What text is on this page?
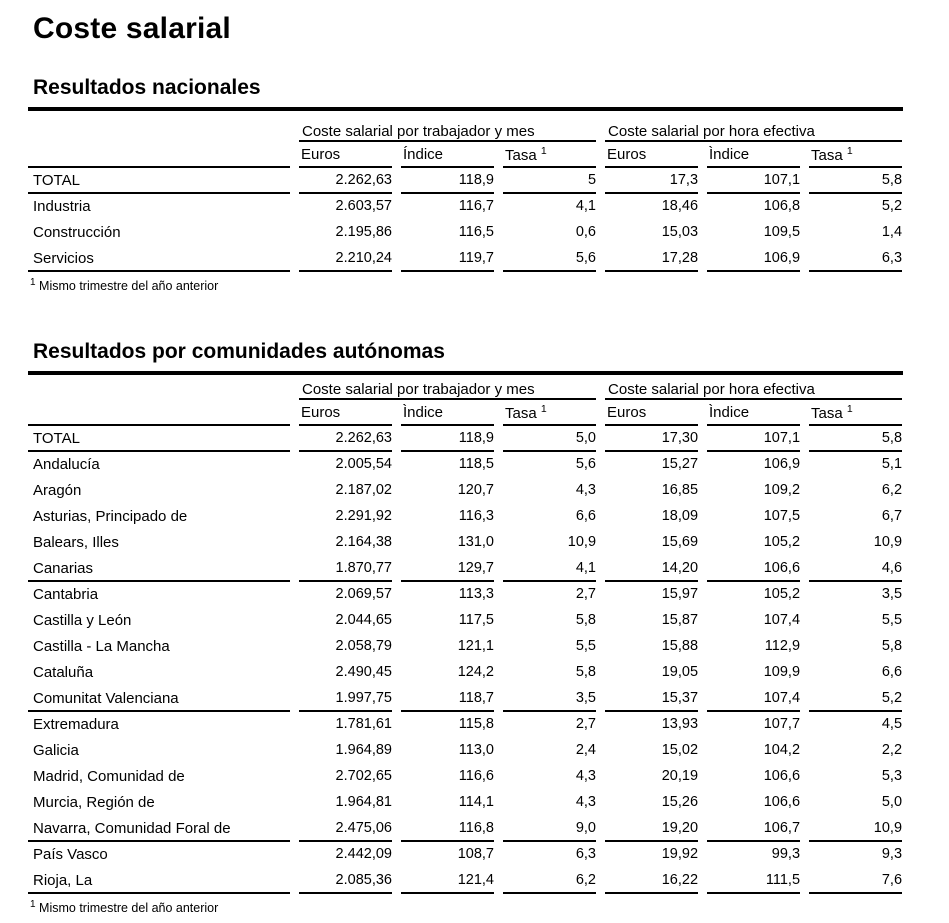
Coste salarial
Resultados nacionales
	Coste salarial por trabajador y mes			Coste salarial por hora efectiva		
	Euros	Índice	Tasa $^1$	Euros	Ìndice	Tasa $^1$
TOTAL	2.262,63	118,9	5	17,3	107,1	5,8
Industria	2.603,57	116,7	4,1	18,46	106,8	5,2
Construcción	2.195,86	116,5	0,6	15,03	109,5	1,4
Servicios	2.210,24	119,7	5,6	17,28	106,9	6,3

$^1$ Mismo trimestre del año anterior

Resultados por comunidades autónomas
	Coste salarial por trabajador y mes			Coste salarial por hora efectiva		
	Euros	Ìndice	Tasa $^1$	Euros	Ìndice	Tasa $^1$
TOTAL	2.262,63	118,9	5,0	17,30	107,1	5,8
Andalucía	2.005,54	118,5	5,6	15,27	106,9	5,1
Aragón	2.187,02	120,7	4,3	16,85	109,2	6,2
Asturias, Principado de	2.291,92	116,3	6,6	18,09	107,5	6,7
Balears, Illes	2.164,38	131,0	10,9	15,69	105,2	10,9
Canarias	1.870,77	129,7	4,1	14,20	106,6	4,6
Cantabria	2.069,57	113,3	2,7	15,97	105,2	3,5
Castilla y León	2.044,65	117,5	5,8	15,87	107,4	5,5
Castilla - La Mancha	2.058,79	121,1	5,5	15,88	112,9	5,8
Cataluña	2.490,45	124,2	5,8	19,05	109,9	6,6
Comunitat Valenciana	1.997,75	118,7	3,5	15,37	107,4	5,2
Extremadura	1.781,61	115,8	2,7	13,93	107,7	4,5
Galicia	1.964,89	113,0	2,4	15,02	104,2	2,2
Madrid, Comunidad de	2.702,65	116,6	4,3	20,19	106,6	5,3
Murcia, Región de	1.964,81	114,1	4,3	15,26	106,6	5,0
Navarra, Comunidad Foral de	2.475,06	116,8	9,0	19,20	106,7	10,9
País Vasco	2.442,09	108,7	6,3	19,92	99,3	9,3
Rioja, La	2.085,36	121,4	6,2	16,22	111,5	7,6

$^1$ Mismo trimestre del año anterior
